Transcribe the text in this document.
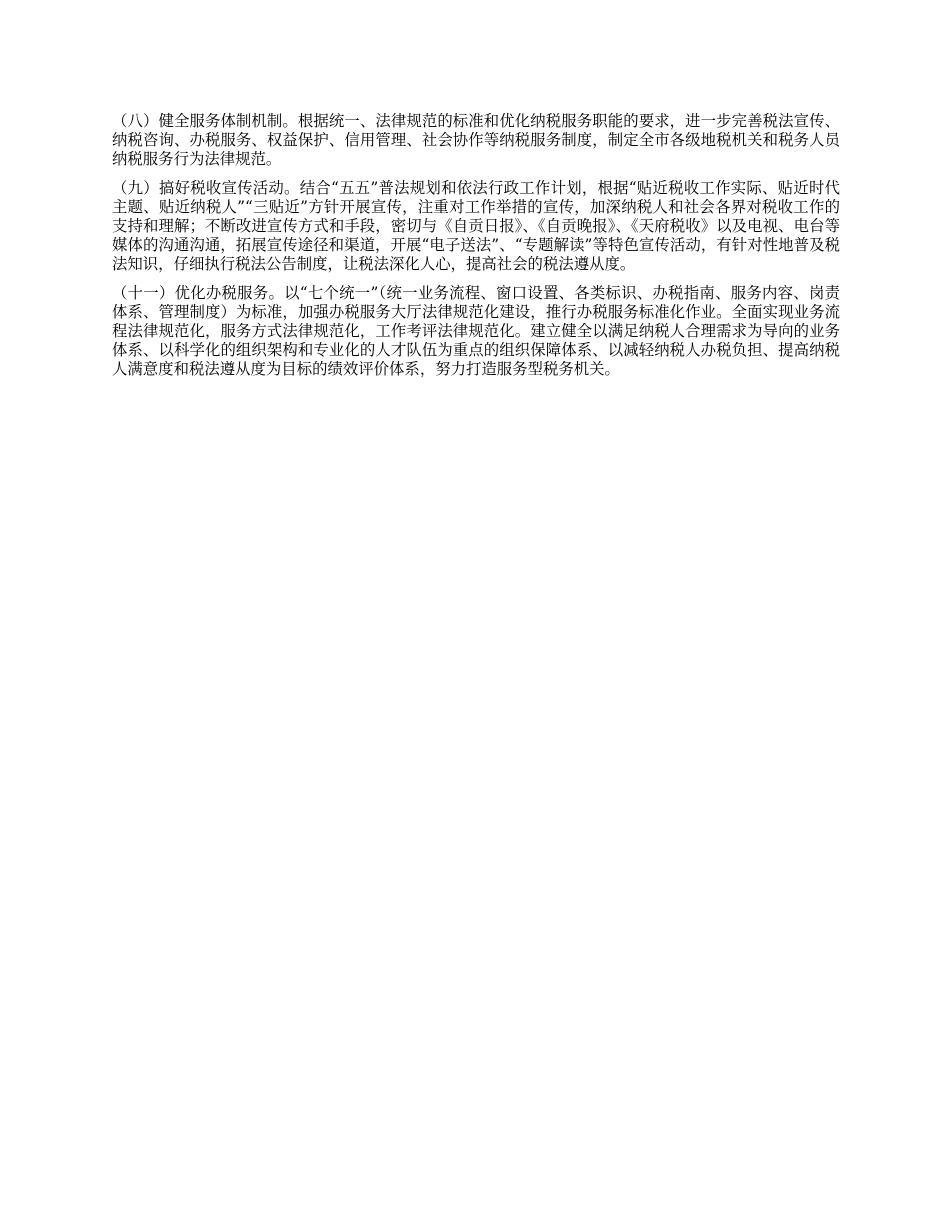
（八）健全服务体制机制。根据统一、法律规范的标准和优化纳税服务职能的要求，进一步完善税法宣传、纳税咨询、办税服务、权益保护、信用管理、社会协作等纳税服务制度，制定全市各级地税机关和税务人员纳税服务行为法律规范。

（九）搞好税收宣传活动。结合“五五”普法规划和依法行政工作计划，根据“贴近税收工作实际、贴近时代主题、贴近纳税人”“三贴近”方针开展宣传，注重对工作举措的宣传，加深纳税人和社会各界对税收工作的支持和理解；不断改进宣传方式和手段，密切与《自贡日报》、《自贡晚报》、《天府税收》以及电视、电台等媒体的沟通沟通，拓展宣传途径和渠道，开展“电子送法”、“专题解读”等特色宣传活动，有针对性地普及税法知识，仔细执行税法公告制度，让税法深化人心，提高社会的税法遵从度。

（十一）优化办税服务。以“七个统一”（统一业务流程、窗口设置、各类标识、办税指南、服务内容、岗责体系、管理制度）为标准，加强办税服务大厅法律规范化建设，推行办税服务标准化作业。全面实现业务流程法律规范化，服务方式法律规范化，工作考评法律规范化。建立健全以满足纳税人合理需求为导向的业务体系、以科学化的组织架构和专业化的人才队伍为重点的组织保障体系、以减轻纳税人办税负担、提高纳税人满意度和税法遵从度为目标的绩效评价体系，努力打造服务型税务机关。
